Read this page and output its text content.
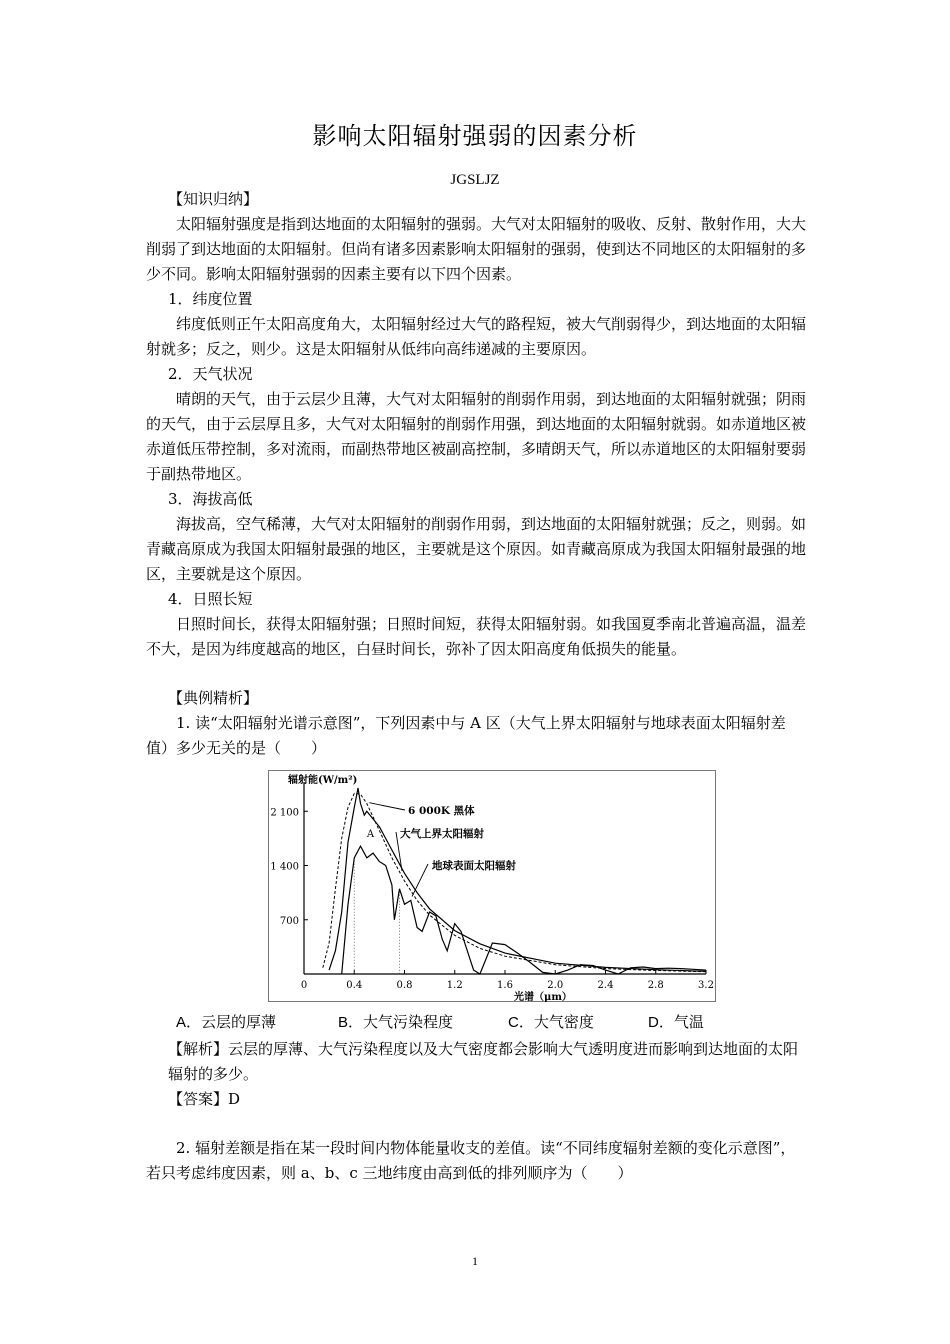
影响太阳辐射强弱的因素分析
JGSLJZ

【知识归纳】

太阳辐射强度是指到达地面的太阳辐射的强弱。大气对太阳辐射的吸收、反射、散射作用，大大削弱了到达地面的太阳辐射。但尚有诸多因素影响太阳辐射的强弱，使到达不同地区的太阳辐射的多少不同。影响太阳辐射强弱的因素主要有以下四个因素。

1．纬度位置

纬度低则正午太阳高度角大，太阳辐射经过大气的路程短，被大气削弱得少，到达地面的太阳辐射就多；反之，则少。这是太阳辐射从低纬向高纬递减的主要原因。

2．天气状况

晴朗的天气，由于云层少且薄，大气对太阳辐射的削弱作用弱，到达地面的太阳辐射就强；阴雨的天气，由于云层厚且多，大气对太阳辐射的削弱作用强，到达地面的太阳辐射就弱。如赤道地区被赤道低压带控制，多对流雨，而副热带地区被副高控制，多晴朗天气，所以赤道地区的太阳辐射要弱于副热带地区。

3．海拔高低

海拔高，空气稀薄，大气对太阳辐射的削弱作用弱，到达地面的太阳辐射就强；反之，则弱。如青藏高原成为我国太阳辐射最强的地区，主要就是这个原因。如青藏高原成为我国太阳辐射最强的地区，主要就是这个原因。

4．日照长短

日照时间长，获得太阳辐射强；日照时间短，获得太阳辐射弱。如我国夏季南北普遍高温，温差不大，是因为纬度越高的地区，白昼时间长，弥补了因太阳高度角低损失的能量。

【典例精析】

1. 读“太阳辐射光谱示意图”，下列因素中与 A 区（大气上界太阳辐射与地球表面太阳辐射差值）多少无关的是（　　）

0	0.4	0.8	1.2	1.6	2.0	2.4	2.8	3.2
2 100
1 400
700
辐射能(W/m²)
光谱（μm）
A
6 000K 黑体
大气上界太阳辐射
地球表面太阳辐射
A．云层的厚薄	B．大气污染程度	C．大气密度	D．气温

【解析】云层的厚薄、大气污染程度以及大气密度都会影响大气透明度进而影响到达地面的太阳辐射的多少。

【答案】D

2. 辐射差额是指在某一段时间内物体能量收支的差值。读“不同纬度辐射差额的变化示意图”，若只考虑纬度因素，则 a、b、c 三地纬度由高到低的排列顺序为（　　）

1
